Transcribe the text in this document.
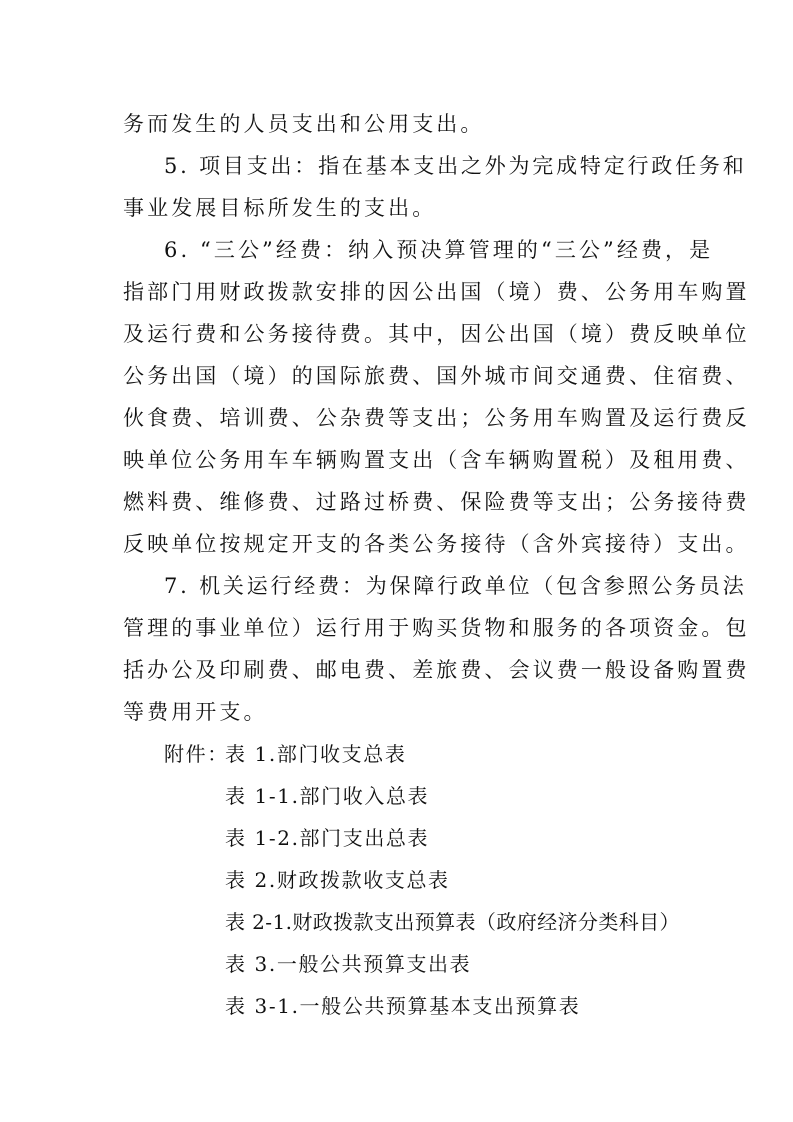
务而发生的人员支出和公用支出。
5. 项目支出：指在基本支出之外为完成特定行政任务和
事业发展目标所发生的支出。
6. “三公”经费：纳入预决算管理的“三公”经费，是
指部门用财政拨款安排的因公出国（境）费、公务用车购置
及运行费和公务接待费。其中，因公出国（境）费反映单位
公务出国（境）的国际旅费、国外城市间交通费、住宿费、
伙食费、培训费、公杂费等支出；公务用车购置及运行费反
映单位公务用车车辆购置支出（含车辆购置税）及租用费、
燃料费、维修费、过路过桥费、保险费等支出；公务接待费
反映单位按规定开支的各类公务接待（含外宾接待）支出。
7. 机关运行经费：为保障行政单位（包含参照公务员法
管理的事业单位）运行用于购买货物和服务的各项资金。包
括办公及印刷费、邮电费、差旅费、会议费一般设备购置费
等费用开支。
附件：
表 1.部门收支总表
表 1-1.部门收入总表
表 1-2.部门支出总表
表 2.财政拨款收支总表
表 2-1.财政拨款支出预算表（政府经济分类科目）
表 3.一般公共预算支出表
表 3-1.一般公共预算基本支出预算表
